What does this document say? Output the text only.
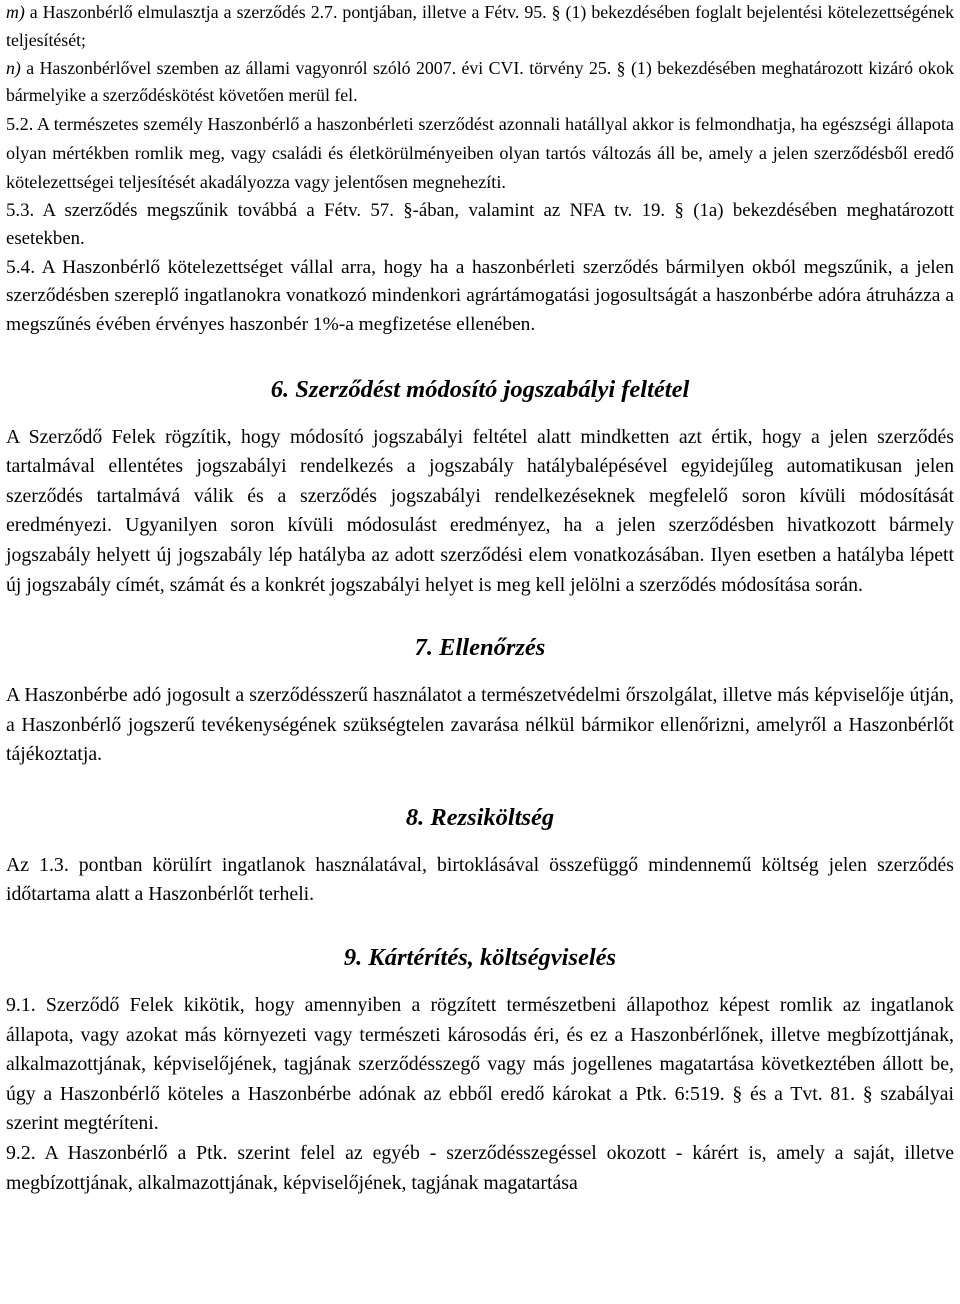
m) a Haszonbérlő elmulasztja a szerződés 2.7. pontjában, illetve a Fétv. 95. § (1) bekezdésében foglalt bejelentési kötelezettségének teljesítését;

n) a Haszonbérlővel szemben az állami vagyonról szóló 2007. évi CVI. törvény 25. § (1) bekezdésében meghatározott kizáró okok bármelyike a szerződéskötést követően merül fel.

5.2. A természetes személy Haszonbérlő a haszonbérleti szerződést azonnali hatállyal akkor is felmondhatja, ha egészségi állapota olyan mértékben romlik meg, vagy családi és életkörülményeiben olyan tartós változás áll be, amely a jelen szerződésből eredő kötelezettségei teljesítését akadályozza vagy jelentősen megnehezíti.

5.3. A szerződés megszűnik továbbá a Fétv. 57. §-ában, valamint az NFA tv. 19. § (1a) bekezdésében meghatározott esetekben.

5.4. A Haszonbérlő kötelezettséget vállal arra, hogy ha a haszonbérleti szerződés bármilyen okból megszűnik, a jelen szerződésben szereplő ingatlanokra vonatkozó mindenkori agrártámogatási jogosultságát a haszonbérbe adóra átruházza a megszűnés évében érvényes haszonbér 1%-a megfizetése ellenében.

6. Szerződést módosító jogszabályi feltétel

A Szerződő Felek rögzítik, hogy módosító jogszabályi feltétel alatt mindketten azt értik, hogy a jelen szerződés tartalmával ellentétes jogszabályi rendelkezés a jogszabály hatálybalépésével egyidejűleg automatikusan jelen szerződés tartalmává válik és a szerződés jogszabályi rendelkezéseknek megfelelő soron kívüli módosítását eredményezi. Ugyanilyen soron kívüli módosulást eredményez, ha a jelen szerződésben hivatkozott bármely jogszabály helyett új jogszabály lép hatályba az adott szerződési elem vonatkozásában. Ilyen esetben a hatályba lépett új jogszabály címét, számát és a konkrét jogszabályi helyet is meg kell jelölni a szerződés módosítása során.

7. Ellenőrzés

A Haszonbérbe adó jogosult a szerződésszerű használatot a természetvédelmi őrszolgálat, illetve más képviselője útján, a Haszonbérlő jogszerű tevékenységének szükségtelen zavarása nélkül bármikor ellenőrizni, amelyről a Haszonbérlőt tájékoztatja.

8. Rezsiköltség

Az 1.3. pontban körülírt ingatlanok használatával, birtoklásával összefüggő mindennemű költség jelen szerződés időtartama alatt a Haszonbérlőt terheli.

9. Kártérítés, költségviselés

9.1. Szerződő Felek kikötik, hogy amennyiben a rögzített természetbeni állapothoz képest romlik az ingatlanok állapota, vagy azokat más környezeti vagy természeti károsodás éri, és ez a Haszonbérlőnek, illetve megbízottjának, alkalmazottjának, képviselőjének, tagjának szerződésszegő vagy más jogellenes magatartása következtében állott be, úgy a Haszonbérlő köteles a Haszonbérbe adónak az ebből eredő károkat a Ptk. 6:519. § és a Tvt. 81. § szabályai szerint megtéríteni.

9.2. A Haszonbérlő a Ptk. szerint felel az egyéb - szerződésszegéssel okozott - kárért is, amely a saját, illetve megbízottjának, alkalmazottjának, képviselőjének, tagjának magatartása
